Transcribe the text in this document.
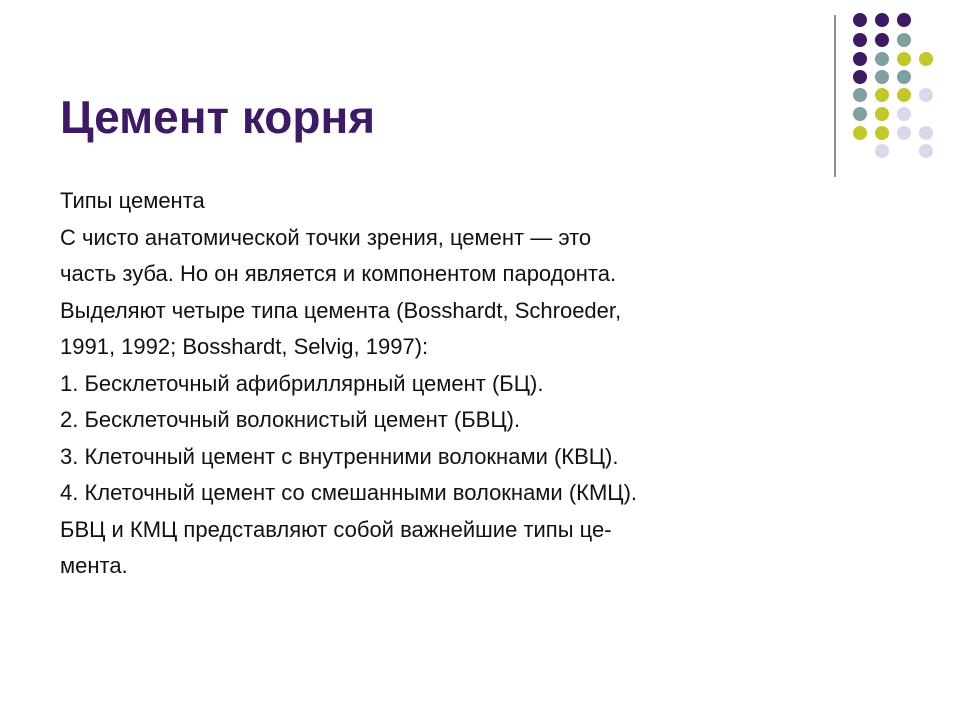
Цемент корня
Типы цемента
С чисто анатомической точки зрения, цемент — это
часть зуба. Но он является и компонентом пародонта.
Выделяют четыре типа цемента (Bosshardt, Schroeder,
1991, 1992; Bosshardt, Selvig, 1997):
1. Бесклеточный афибриллярный цемент (БЦ).
2. Бесклеточный волокнистый цемент (БВЦ).
3. Клеточный цемент с внутренними волокнами (КВЦ).
4. Клеточный цемент со смешанными волокнами (КМЦ).
БВЦ и КМЦ представляют собой важнейшие типы це-
мента.
